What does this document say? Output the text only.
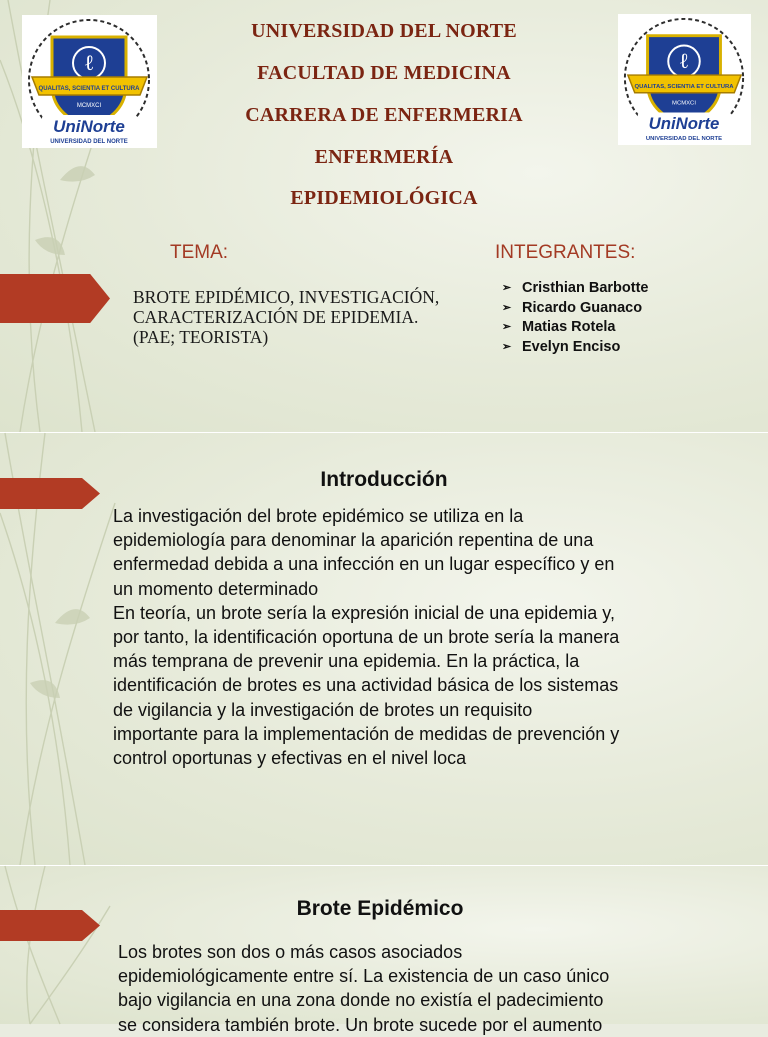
ℓ
QUALITAS, SCIENTIA ET CULTURA
MCMXCI
UniNorte
UNIVERSIDAD DEL NORTE
ℓ
QUALITAS, SCIENTIA ET CULTURA
MCMXCI
UniNorte
UNIVERSIDAD DEL NORTE
UNIVERSIDAD DEL NORTE
FACULTAD DE MEDICINA
CARRERA DE ENFERMERIA
ENFERMERÍA
EPIDEMIOLÓGICA
TEMA:	INTEGRANTES:
BROTE EPIDÉMICO, INVESTIGACIÓN,
CARACTERIZACIÓN DE EPIDEMIA.
(PAE; TEORISTA)
➢ Cristhian Barbotte
➢ Ricardo Guanaco
➢ Matias Rotela
➢ Evelyn Enciso
Introducción
La investigación del brote epidémico se utiliza en la
epidemiología para denominar la aparición repentina de una
enfermedad debida a una infección en un lugar específico y en
un momento determinado
En teoría, un brote sería la expresión inicial de una epidemia y,
por tanto, la identificación oportuna de un brote sería la manera
más temprana de prevenir una epidemia. En la práctica, la
identificación de brotes es una actividad básica de los sistemas
de vigilancia y la investigación de brotes un requisito
importante para la implementación de medidas de prevención y
control oportunas y efectivas en el nivel loca
Brote Epidémico
Los brotes son dos o más casos asociados
epidemiológicamente entre sí. La existencia de un caso único
bajo vigilancia en una zona donde no existía el padecimiento
se considera también brote. Un brote sucede por el aumento
